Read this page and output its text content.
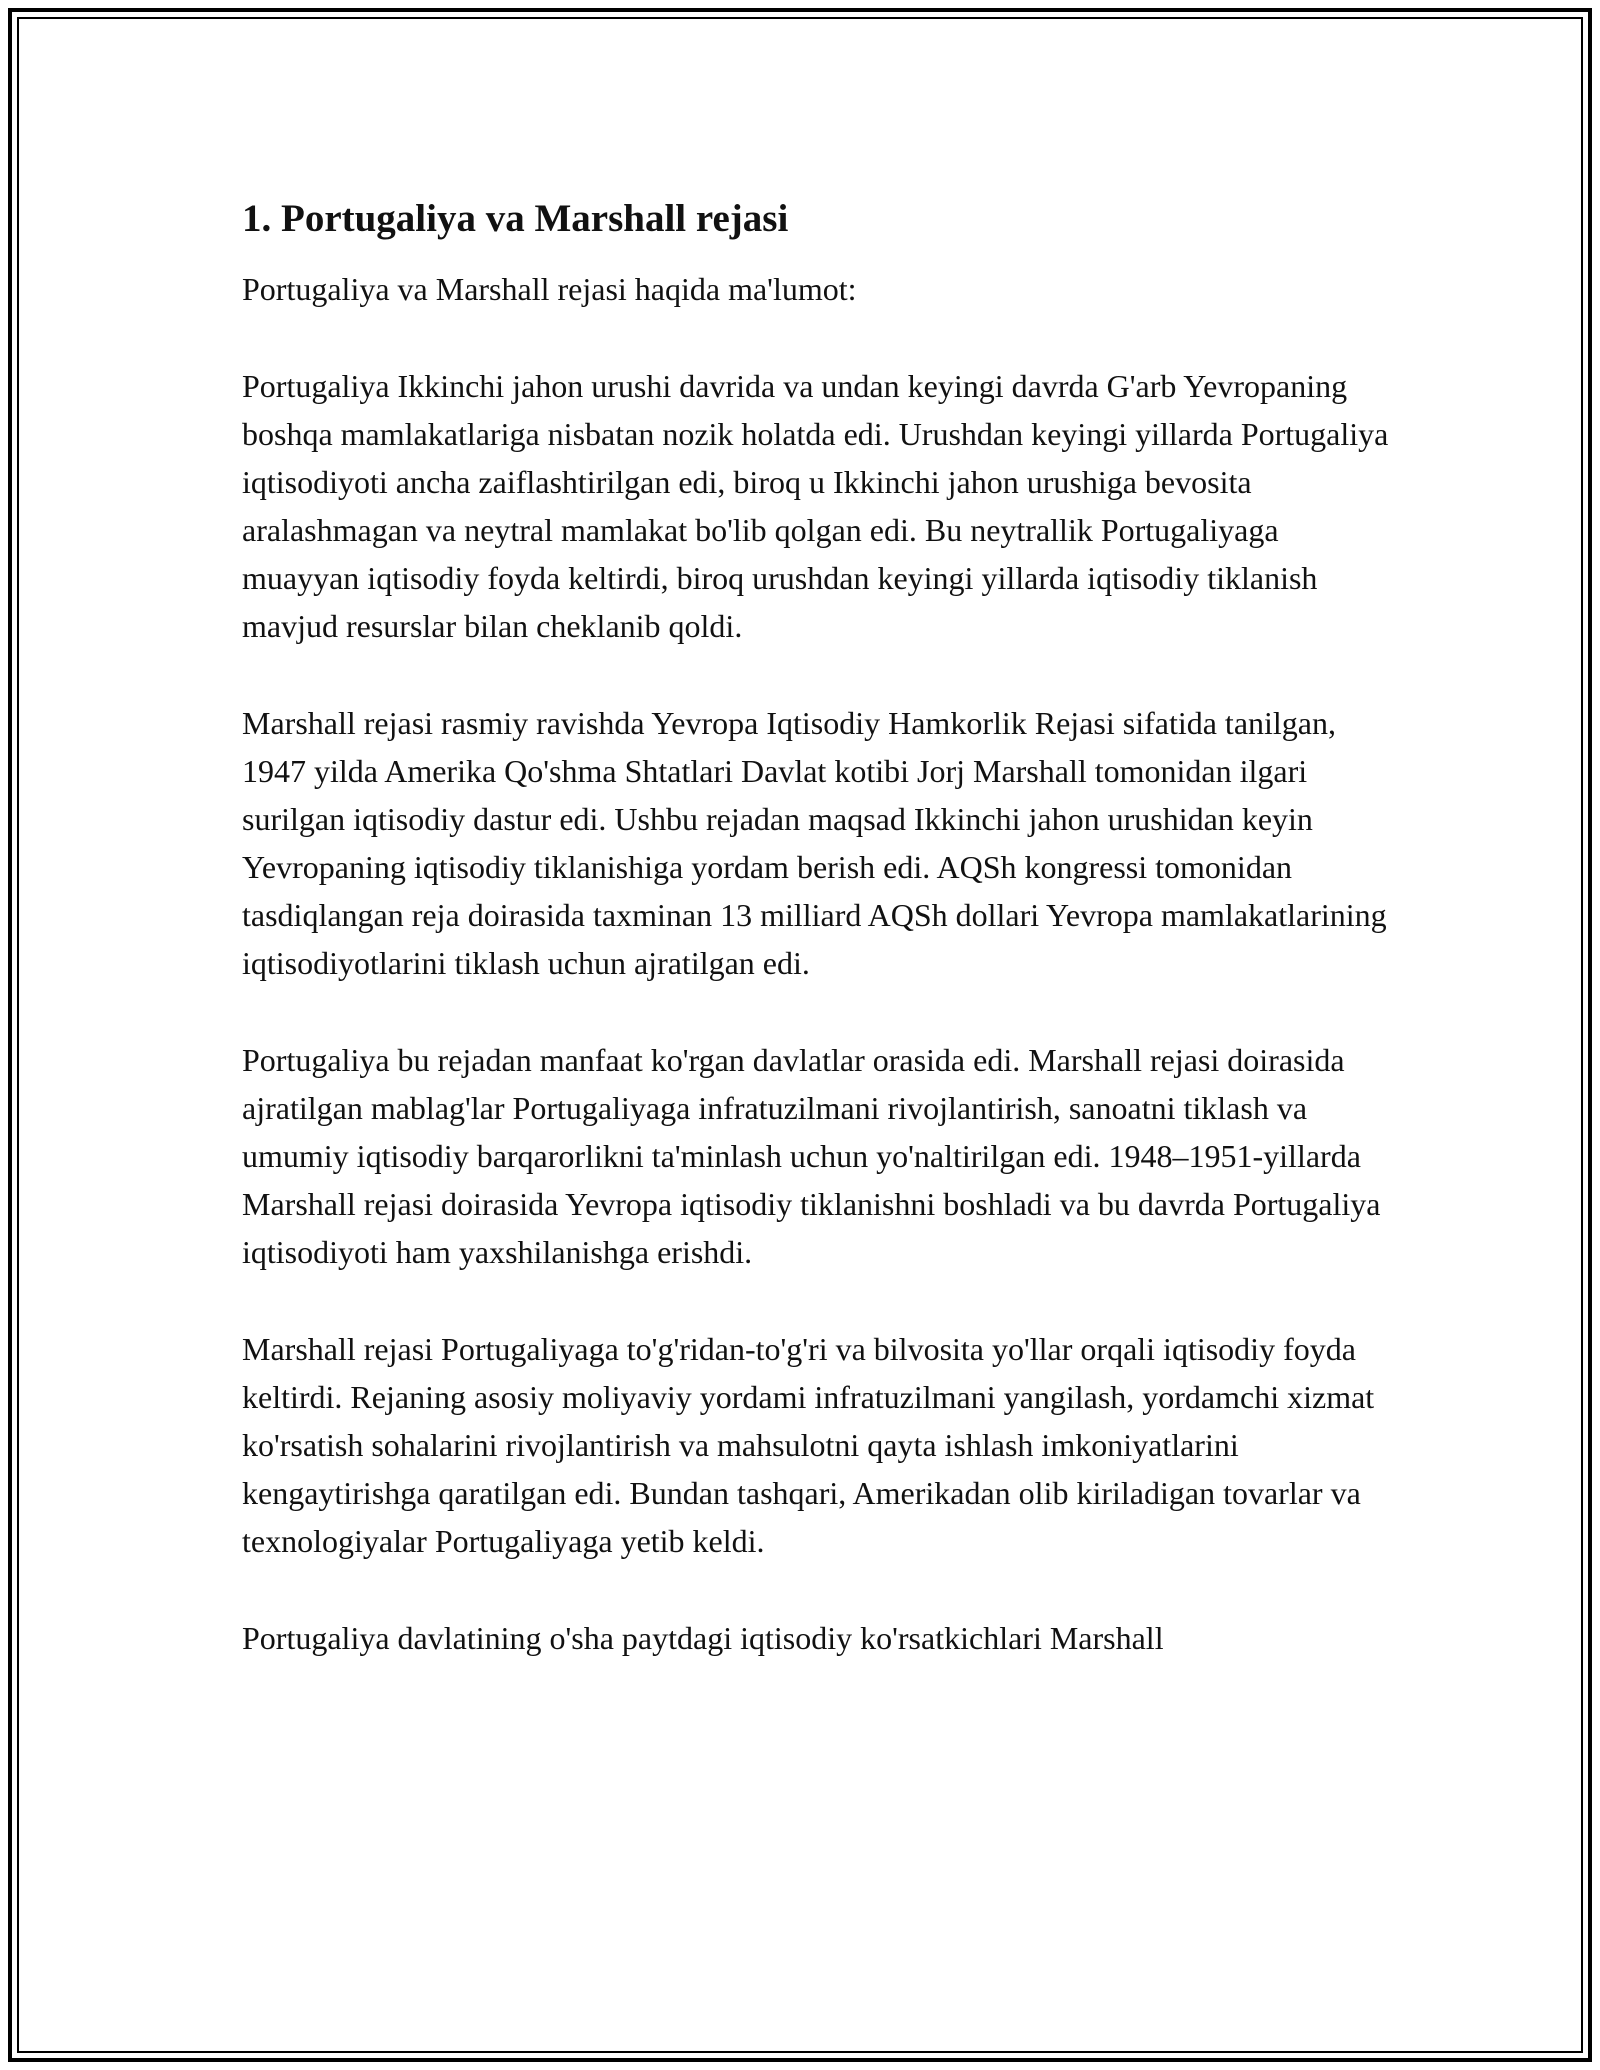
1. Portugaliya va Marshall rejasi

Portugaliya va Marshall rejasi haqida ma'lumot:

Portugaliya Ikkinchi jahon urushi davrida va undan keyingi davrda G'arb Yevropaning boshqa mamlakatlariga nisbatan nozik holatda edi. Urushdan keyingi yillarda Portugaliya iqtisodiyoti ancha zaiflashtirilgan edi, biroq u Ikkinchi jahon urushiga bevosita aralashmagan va neytral mamlakat bo'lib qolgan edi. Bu neytrallik Portugaliyaga muayyan iqtisodiy foyda keltirdi, biroq urushdan keyingi yillarda iqtisodiy tiklanish mavjud resurslar bilan cheklanib qoldi.

Marshall rejasi rasmiy ravishda Yevropa Iqtisodiy Hamkorlik Rejasi sifatida tanilgan, 1947 yilda Amerika Qo'shma Shtatlari Davlat kotibi Jorj Marshall tomonidan ilgari surilgan iqtisodiy dastur edi. Ushbu rejadan maqsad Ikkinchi jahon urushidan keyin Yevropaning iqtisodiy tiklanishiga yordam berish edi. AQSh kongressi tomonidan tasdiqlangan reja doirasida taxminan 13 milliard AQSh dollari Yevropa mamlakatlarining iqtisodiyotlarini tiklash uchun ajratilgan edi.

Portugaliya bu rejadan manfaat ko'rgan davlatlar orasida edi. Marshall rejasi doirasida ajratilgan mablag'lar Portugaliyaga infratuzilmani rivojlantirish, sanoatni tiklash va umumiy iqtisodiy barqarorlikni ta'minlash uchun yo'naltirilgan edi. 1948–1951-yillarda Marshall rejasi doirasida Yevropa iqtisodiy tiklanishni boshladi va bu davrda Portugaliya iqtisodiyoti ham yaxshilanishga erishdi.

Marshall rejasi Portugaliyaga to'g'ridan-to'g'ri va bilvosita yo'llar orqali iqtisodiy foyda keltirdi. Rejaning asosiy moliyaviy yordami infratuzilmani yangilash, yordamchi xizmat ko'rsatish sohalarini rivojlantirish va mahsulotni qayta ishlash imkoniyatlarini kengaytirishga qaratilgan edi. Bundan tashqari, Amerikadan olib kiriladigan tovarlar va texnologiyalar Portugaliyaga yetib keldi.

Portugaliya davlatining o'sha paytdagi iqtisodiy ko'rsatkichlari Marshall
